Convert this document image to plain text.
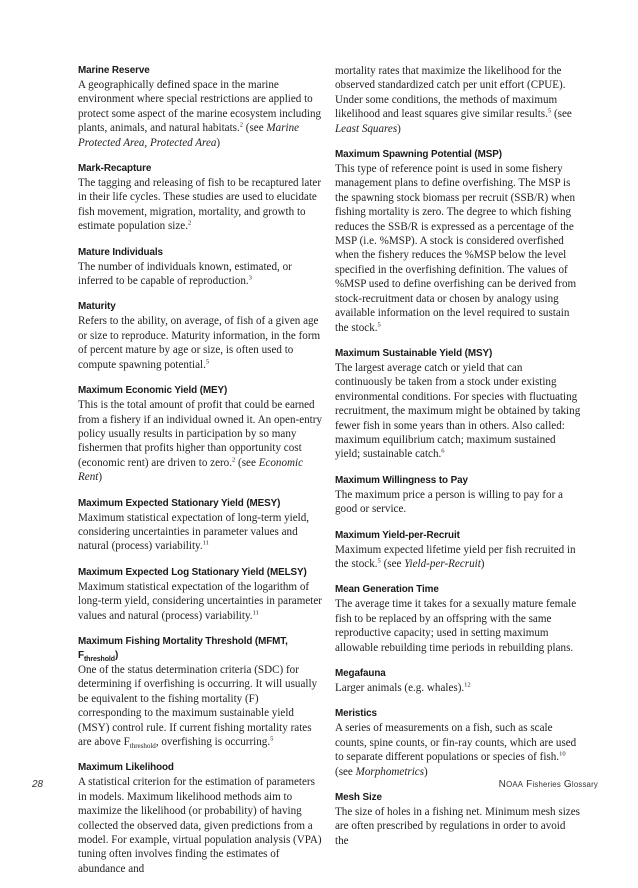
Marine Reserve

A geographically defined space in the marine environment where special restrictions are applied to protect some aspect of the marine ecosystem including plants, animals, and natural habitats.$^2$ (see Marine Protected Area, Protected Area)

Mark-Recapture

The tagging and releasing of fish to be recaptured later in their life cycles. These studies are used to elucidate fish movement, migration, mortality, and growth to estimate population size.$^2$

Mature Individuals

The number of individuals known, estimated, or inferred to be capable of reproduction.$^3$

Maturity

Refers to the ability, on average, of fish of a given age or size to reproduce. Maturity information, in the form of percent mature by age or size, is often used to compute spawning potential.$^5$

Maximum Economic Yield (MEY)

This is the total amount of profit that could be earned from a fishery if an individual owned it. An open-entry policy usually results in participation by so many fishermen that profits higher than opportunity cost (economic rent) are driven to zero.$^2$ (see Economic Rent)

Maximum Expected Stationary Yield (MESY)

Maximum statistical expectation of long-term yield, considering uncertainties in parameter values and natural (process) variability.$^{11}$

Maximum Expected Log Stationary Yield (MELSY)

Maximum statistical expectation of the logarithm of long-term yield, considering uncertainties in parameter values and natural (process) variability.$^{11}$

Maximum Fishing Mortality Threshold (MFMT, $F_{threshold}$)

One of the status determination criteria (SDC) for determining if overfishing is occurring. It will usually be equivalent to the fishing mortality (F) corresponding to the maximum sustainable yield (MSY) control rule. If current fishing mortality rates are above $F_{threshold}$, overfishing is occurring.$^5$

Maximum Likelihood

A statistical criterion for the estimation of parameters in models. Maximum likelihood methods aim to maximize the likelihood (or probability) of having collected the observed data, given predictions from a model. For example, virtual population analysis (VPA) tuning often involves finding the estimates of abundance and

mortality rates that maximize the likelihood for the observed standardized catch per unit effort (CPUE). Under some conditions, the methods of maximum likelihood and least squares give similar results.$^5$ (see Least Squares)

Maximum Spawning Potential (MSP)

This type of reference point is used in some fishery management plans to define overfishing. The MSP is the spawning stock biomass per recruit (SSB/R) when fishing mortality is zero. The degree to which fishing reduces the SSB/R is expressed as a percentage of the MSP (i.e. %MSP). A stock is considered overfished when the fishery reduces the %MSP below the level specified in the overfishing definition. The values of %MSP used to define overfishing can be derived from stock-recruitment data or chosen by analogy using available information on the level required to sustain the stock.$^5$

Maximum Sustainable Yield (MSY)

The largest average catch or yield that can continuously be taken from a stock under existing environmental conditions. For species with fluctuating recruitment, the maximum might be obtained by taking fewer fish in some years than in others. Also called: maximum equilibrium catch; maximum sustained yield; sustainable catch.$^6$

Maximum Willingness to Pay

The maximum price a person is willing to pay for a good or service.

Maximum Yield-per-Recruit

Maximum expected lifetime yield per fish recruited in the stock.$^5$ (see Yield-per-Recruit)

Mean Generation Time

The average time it takes for a sexually mature female fish to be replaced by an offspring with the same reproductive capacity; used in setting maximum allowable rebuilding time periods in rebuilding plans.

Megafauna

Larger animals (e.g. whales).$^{12}$

Meristics

A series of measurements on a fish, such as scale counts, spine counts, or fin-ray counts, which are used to separate different populations or species of fish.$^{10}$ (see Morphometrics)

Mesh Size

The size of holes in a fishing net. Minimum mesh sizes are often prescribed by regulations in order to avoid the

28	NOAA Fisheries Glossary
